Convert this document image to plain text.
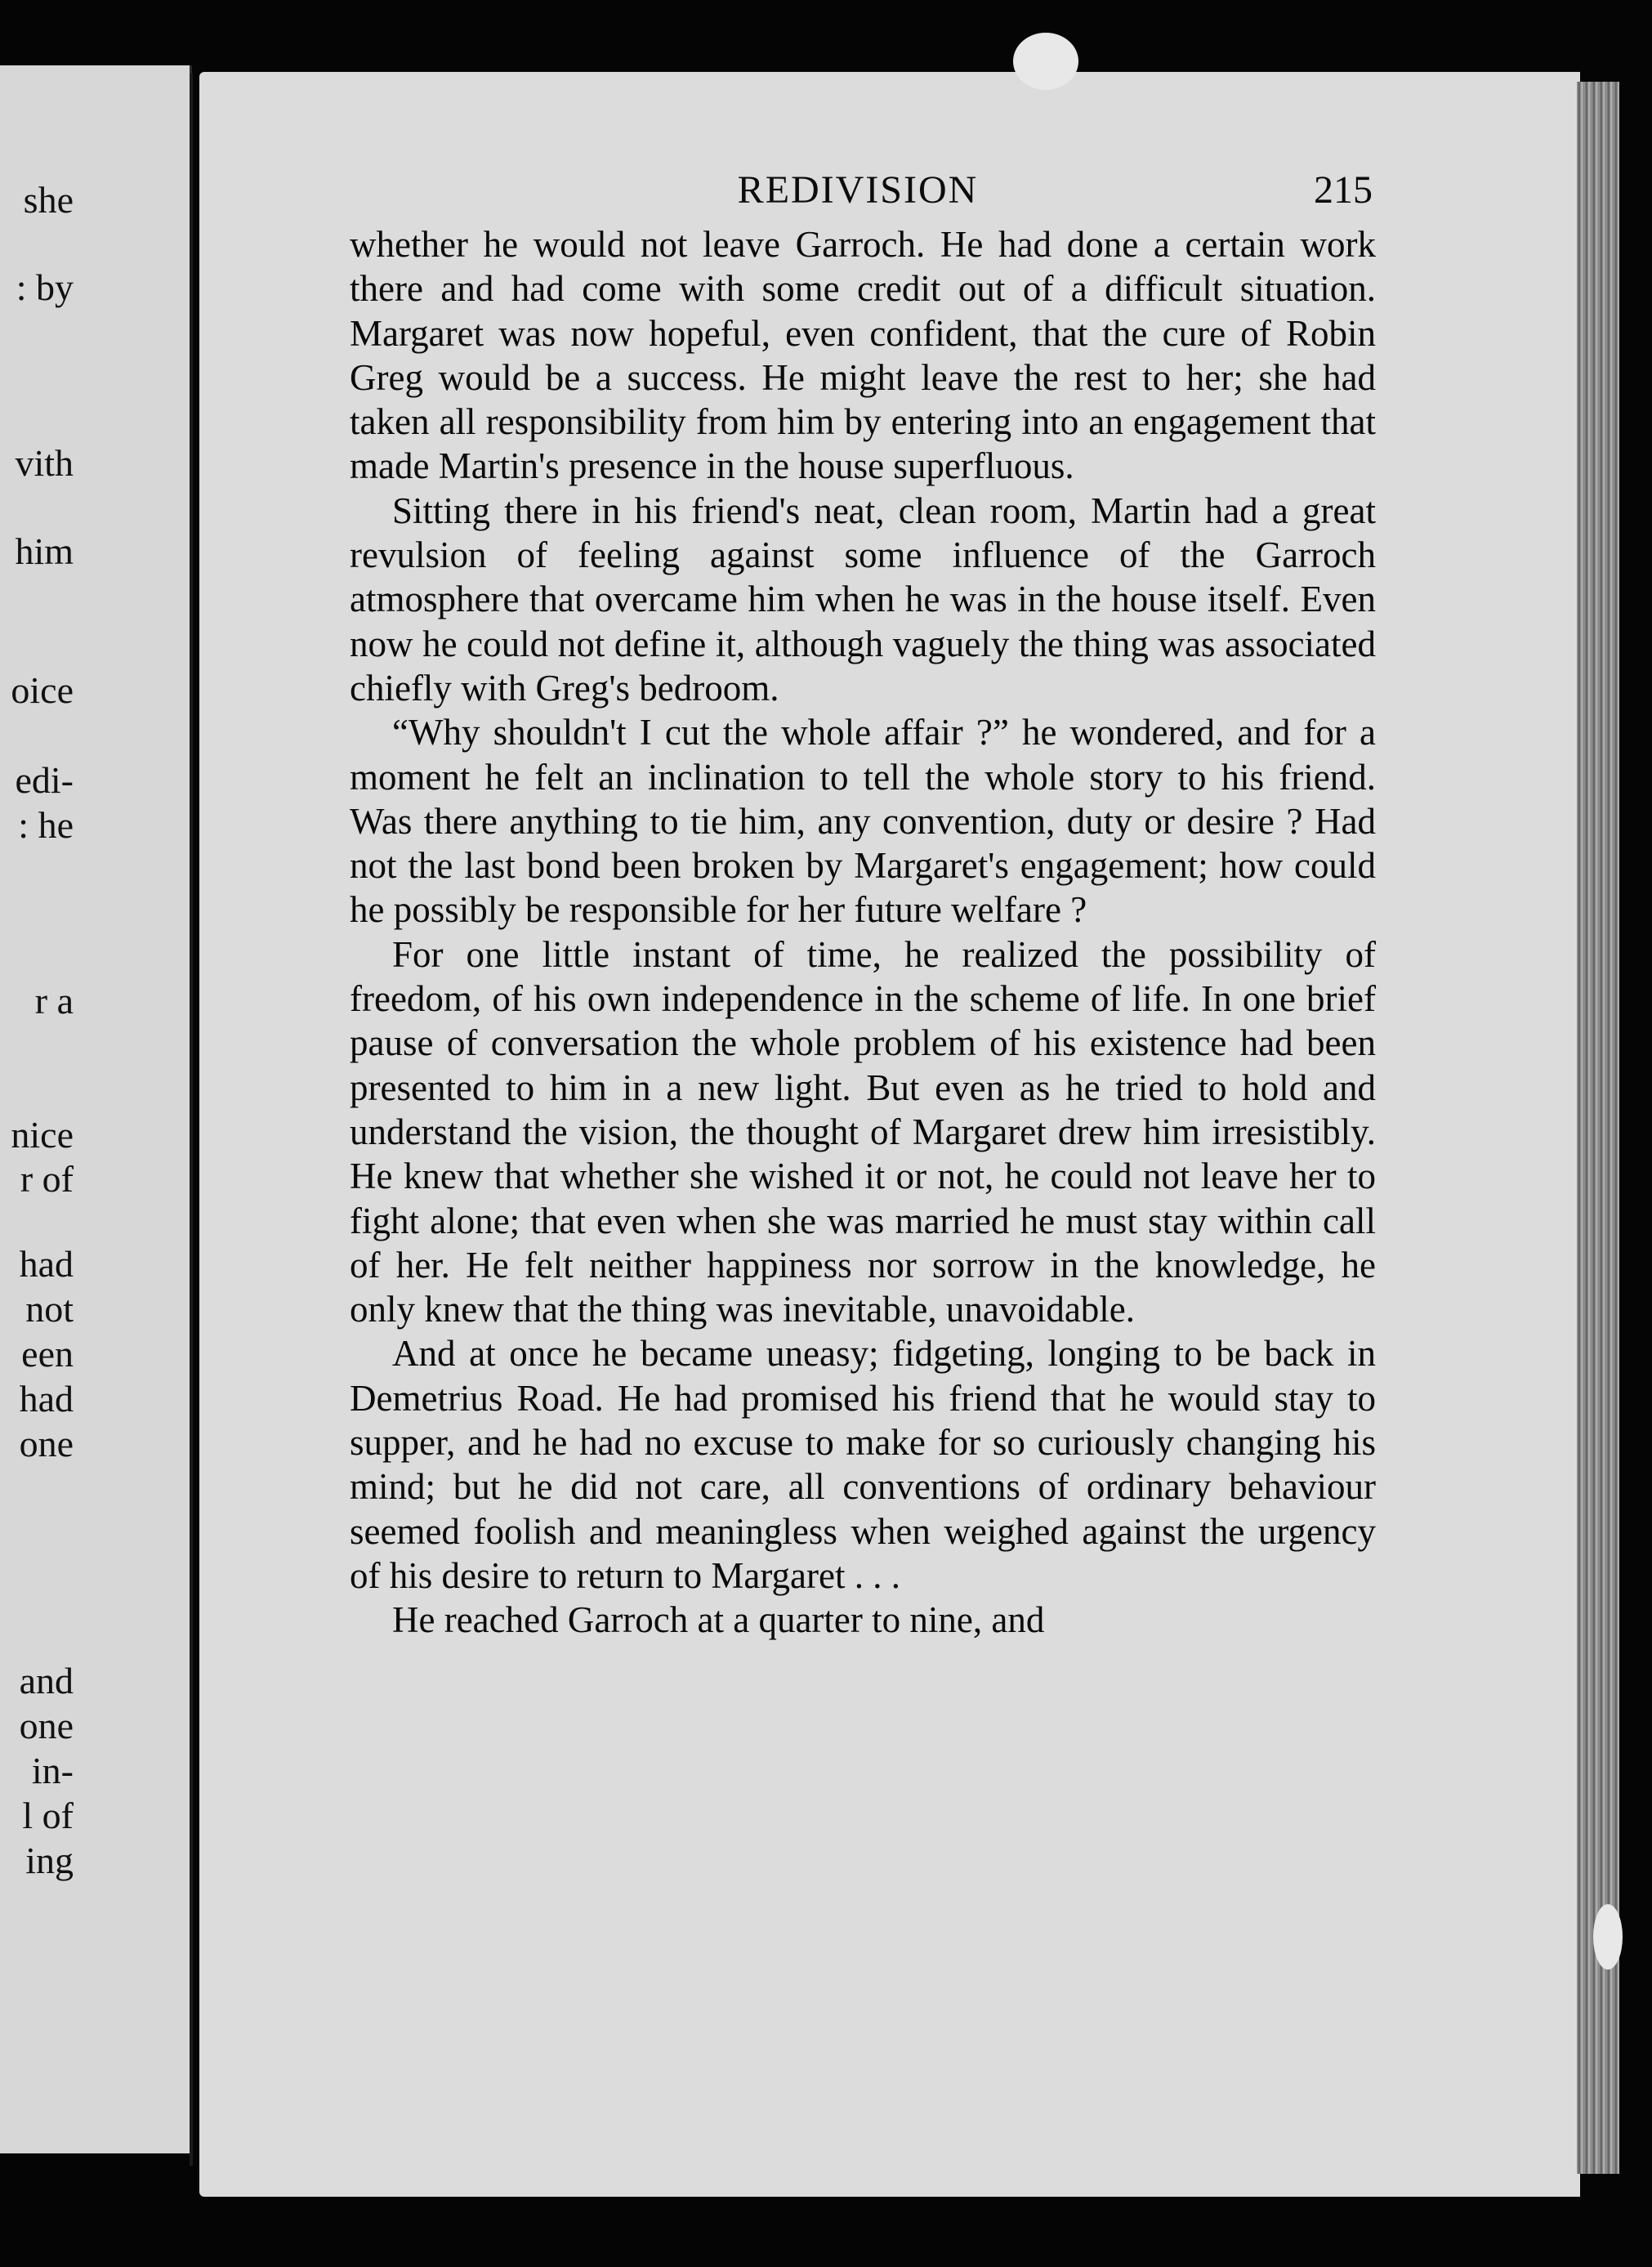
she
: by
vith
him
oice
edi-
: he
r a
nice
r of
had
not
een
had
one
and
one
in-
l of
ing
REDIVISION	215

whether he would not leave Garroch. He had done a certain work there and had come with some credit out of a difficult situation. Margaret was now hopeful, even confident, that the cure of Robin Greg would be a success. He might leave the rest to her; she had taken all responsibility from him by entering into an engagement that made Martin's presence in the house superfluous.

Sitting there in his friend's neat, clean room, Martin had a great revulsion of feeling against some influence of the Garroch atmosphere that overcame him when he was in the house itself. Even now he could not define it, although vaguely the thing was associated chiefly with Greg's bedroom.

“Why shouldn't I cut the whole affair ?” he wondered, and for a moment he felt an inclination to tell the whole story to his friend. Was there anything to tie him, any convention, duty or desire ? Had not the last bond been broken by Margaret's engagement; how could he possibly be responsible for her future welfare ?

For one little instant of time, he realized the possibility of freedom, of his own independence in the scheme of life. In one brief pause of conversation the whole problem of his existence had been presented to him in a new light. But even as he tried to hold and understand the vision, the thought of Margaret drew him irresistibly. He knew that whether she wished it or not, he could not leave her to fight alone; that even when she was married he must stay within call of her. He felt neither happiness nor sorrow in the knowledge, he only knew that the thing was inevitable, unavoidable.

And at once he became uneasy; fidgeting, longing to be back in Demetrius Road. He had promised his friend that he would stay to supper, and he had no excuse to make for so curiously changing his mind; but he did not care, all conventions of ordinary behaviour seemed foolish and meaningless when weighed against the urgency of his desire to return to Margaret . . .

He reached Garroch at a quarter to nine, and
